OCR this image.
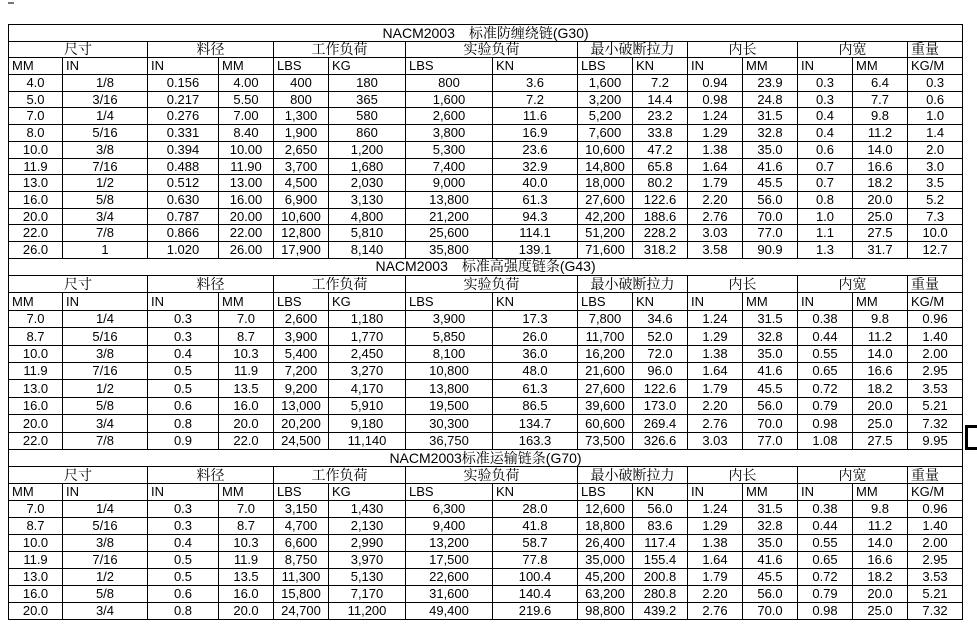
NACM2003　标准防缠绕链(G30)														
尺寸		料径		工作负荷		实验负荷		最小破断拉力		内长		内宽		重量
MM	IN	IN	MM	LBS	KG	LBS	KN	LBS	KN	IN	MM	IN	MM	KG/M
4.0	1/8	0.156	4.00	400	180	800	3.6	1,600	7.2	0.94	23.9	0.3	6.4	0.3
5.0	3/16	0.217	5.50	800	365	1,600	7.2	3,200	14.4	0.98	24.8	0.3	7.7	0.6
7.0	1/4	0.276	7.00	1,300	580	2,600	11.6	5,200	23.2	1.24	31.5	0.4	9.8	1.0
8.0	5/16	0.331	8.40	1,900	860	3,800	16.9	7,600	33.8	1.29	32.8	0.4	11.2	1.4
10.0	3/8	0.394	10.00	2,650	1,200	5,300	23.6	10,600	47.2	1.38	35.0	0.6	14.0	2.0
11.9	7/16	0.488	11.90	3,700	1,680	7,400	32.9	14,800	65.8	1.64	41.6	0.7	16.6	3.0
13.0	1/2	0.512	13.00	4,500	2,030	9,000	40.0	18,000	80.2	1.79	45.5	0.7	18.2	3.5
16.0	5/8	0.630	16.00	6,900	3,130	13,800	61.3	27,600	122.6	2.20	56.0	0.8	20.0	5.2
20.0	3/4	0.787	20.00	10,600	4,800	21,200	94.3	42,200	188.6	2.76	70.0	1.0	25.0	7.3
22.0	7/8	0.866	22.00	12,800	5,810	25,600	114.1	51,200	228.2	3.03	77.0	1.1	27.5	10.0
26.0	1	1.020	26.00	17,900	8,140	35,800	139.1	71,600	318.2	3.58	90.9	1.3	31.7	12.7
NACM2003　标准高强度链条(G43)														
尺寸		料径		工作负荷		实验负荷		最小破断拉力		内长		内宽		重量
MM	IN	IN	MM	LBS	KG	LBS	KN	LBS	KN	IN	MM	IN	MM	KG/M
7.0	1/4	0.3	7.0	2,600	1,180	3,900	17.3	7,800	34.6	1.24	31.5	0.38	9.8	0.96
8.7	5/16	0.3	8.7	3,900	1,770	5,850	26.0	11,700	52.0	1.29	32.8	0.44	11.2	1.40
10.0	3/8	0.4	10.3	5,400	2,450	8,100	36.0	16,200	72.0	1.38	35.0	0.55	14.0	2.00
11.9	7/16	0.5	11.9	7,200	3,270	10,800	48.0	21,600	96.0	1.64	41.6	0.65	16.6	2.95
13.0	1/2	0.5	13.5	9,200	4,170	13,800	61.3	27,600	122.6	1.79	45.5	0.72	18.2	3.53
16.0	5/8	0.6	16.0	13,000	5,910	19,500	86.5	39,600	173.0	2.20	56.0	0.79	20.0	5.21
20.0	3/4	0.8	20.0	20,200	9,180	30,300	134.7	60,600	269.4	2.76	70.0	0.98	25.0	7.32
22.0	7/8	0.9	22.0	24,500	11,140	36,750	163.3	73,500	326.6	3.03	77.0	1.08	27.5	9.95
NACM2003标准运输链条(G70)														
尺寸		料径		工作负荷		实验负荷		最小破断拉力		内长		内宽		重量
MM	IN	IN	MM	LBS	KG	LBS	KN	LBS	KN	IN	MM	IN	MM	KG/M
7.0	1/4	0.3	7.0	3,150	1,430	6,300	28.0	12,600	56.0	1.24	31.5	0.38	9.8	0.96
8.7	5/16	0.3	8.7	4,700	2,130	9,400	41.8	18,800	83.6	1.29	32.8	0.44	11.2	1.40
10.0	3/8	0.4	10.3	6,600	2,990	13,200	58.7	26,400	117.4	1.38	35.0	0.55	14.0	2.00
11.9	7/16	0.5	11.9	8,750	3,970	17,500	77.8	35,000	155.4	1.64	41.6	0.65	16.6	2.95
13.0	1/2	0.5	13.5	11,300	5,130	22,600	100.4	45,200	200.8	1.79	45.5	0.72	18.2	3.53
16.0	5/8	0.6	16.0	15,800	7,170	31,600	140.4	63,200	280.8	2.20	56.0	0.79	20.0	5.21
20.0	3/4	0.8	20.0	24,700	11,200	49,400	219.6	98,800	439.2	2.76	70.0	0.98	25.0	7.32
